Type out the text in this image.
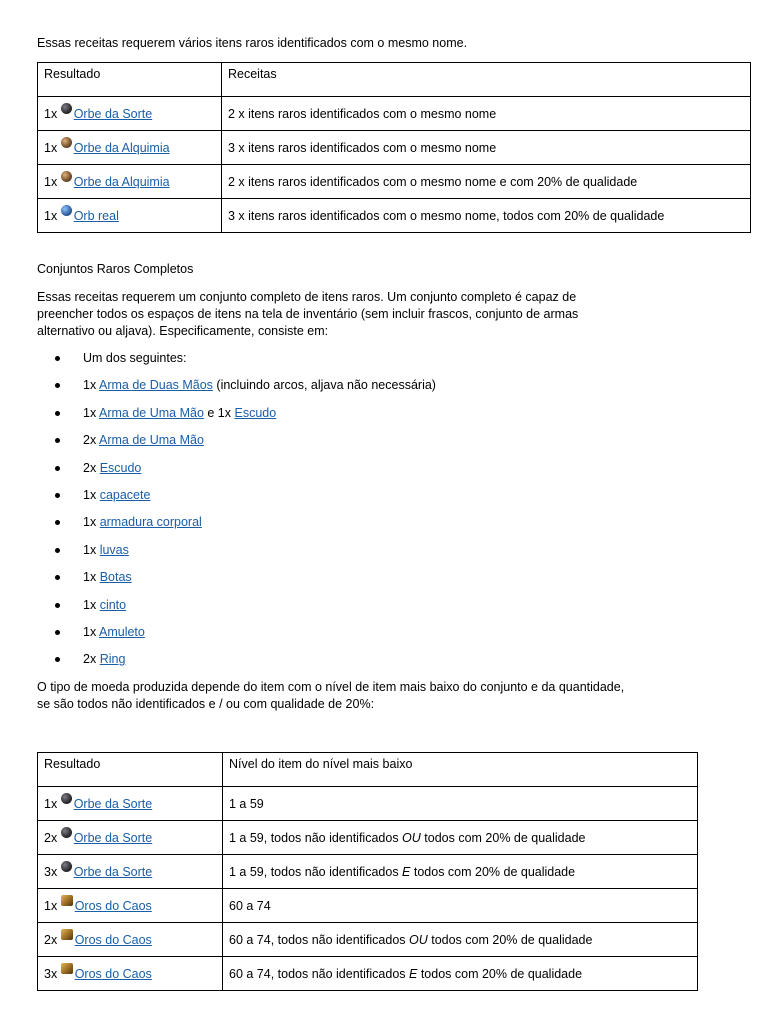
Essas receitas requerem vários itens raros identificados com o mesmo nome.

Resultado	Receitas
1x Orbe da Sorte	2 x itens raros identificados com o mesmo nome
1x Orbe da Alquimia	3 x itens raros identificados com o mesmo nome
1x Orbe da Alquimia	2 x itens raros identificados com o mesmo nome e com 20% de qualidade
1x Orb real	3 x itens raros identificados com o mesmo nome, todos com 20% de qualidade

Conjuntos Raros Completos

Essas receitas requerem um conjunto completo de itens raros. Um conjunto completo é capaz de
preencher todos os espaços de itens na tela de inventário (sem incluir frascos, conjunto de armas
alternativo ou aljava). Especificamente, consiste em:

Um dos seguintes:
1x Arma de Duas Mãos (incluindo arcos, aljava não necessária)
1x Arma de Uma Mão e 1x Escudo
2x Arma de Uma Mão
2x Escudo
1x capacete
1x armadura corporal
1x luvas
1x Botas
1x cinto
1x Amuleto
2x Ring

O tipo de moeda produzida depende do item com o nível de item mais baixo do conjunto e da quantidade,
se são todos não identificados e / ou com qualidade de 20%:

Resultado	Nível do item do nível mais baixo
1x Orbe da Sorte	1 a 59
2x Orbe da Sorte	1 a 59, todos não identificados OU todos com 20% de qualidade
3x Orbe da Sorte	1 a 59, todos não identificados E todos com 20% de qualidade
1x Oros do Caos	60 a 74
2x Oros do Caos	60 a 74, todos não identificados OU todos com 20% de qualidade
3x Oros do Caos	60 a 74, todos não identificados E todos com 20% de qualidade
